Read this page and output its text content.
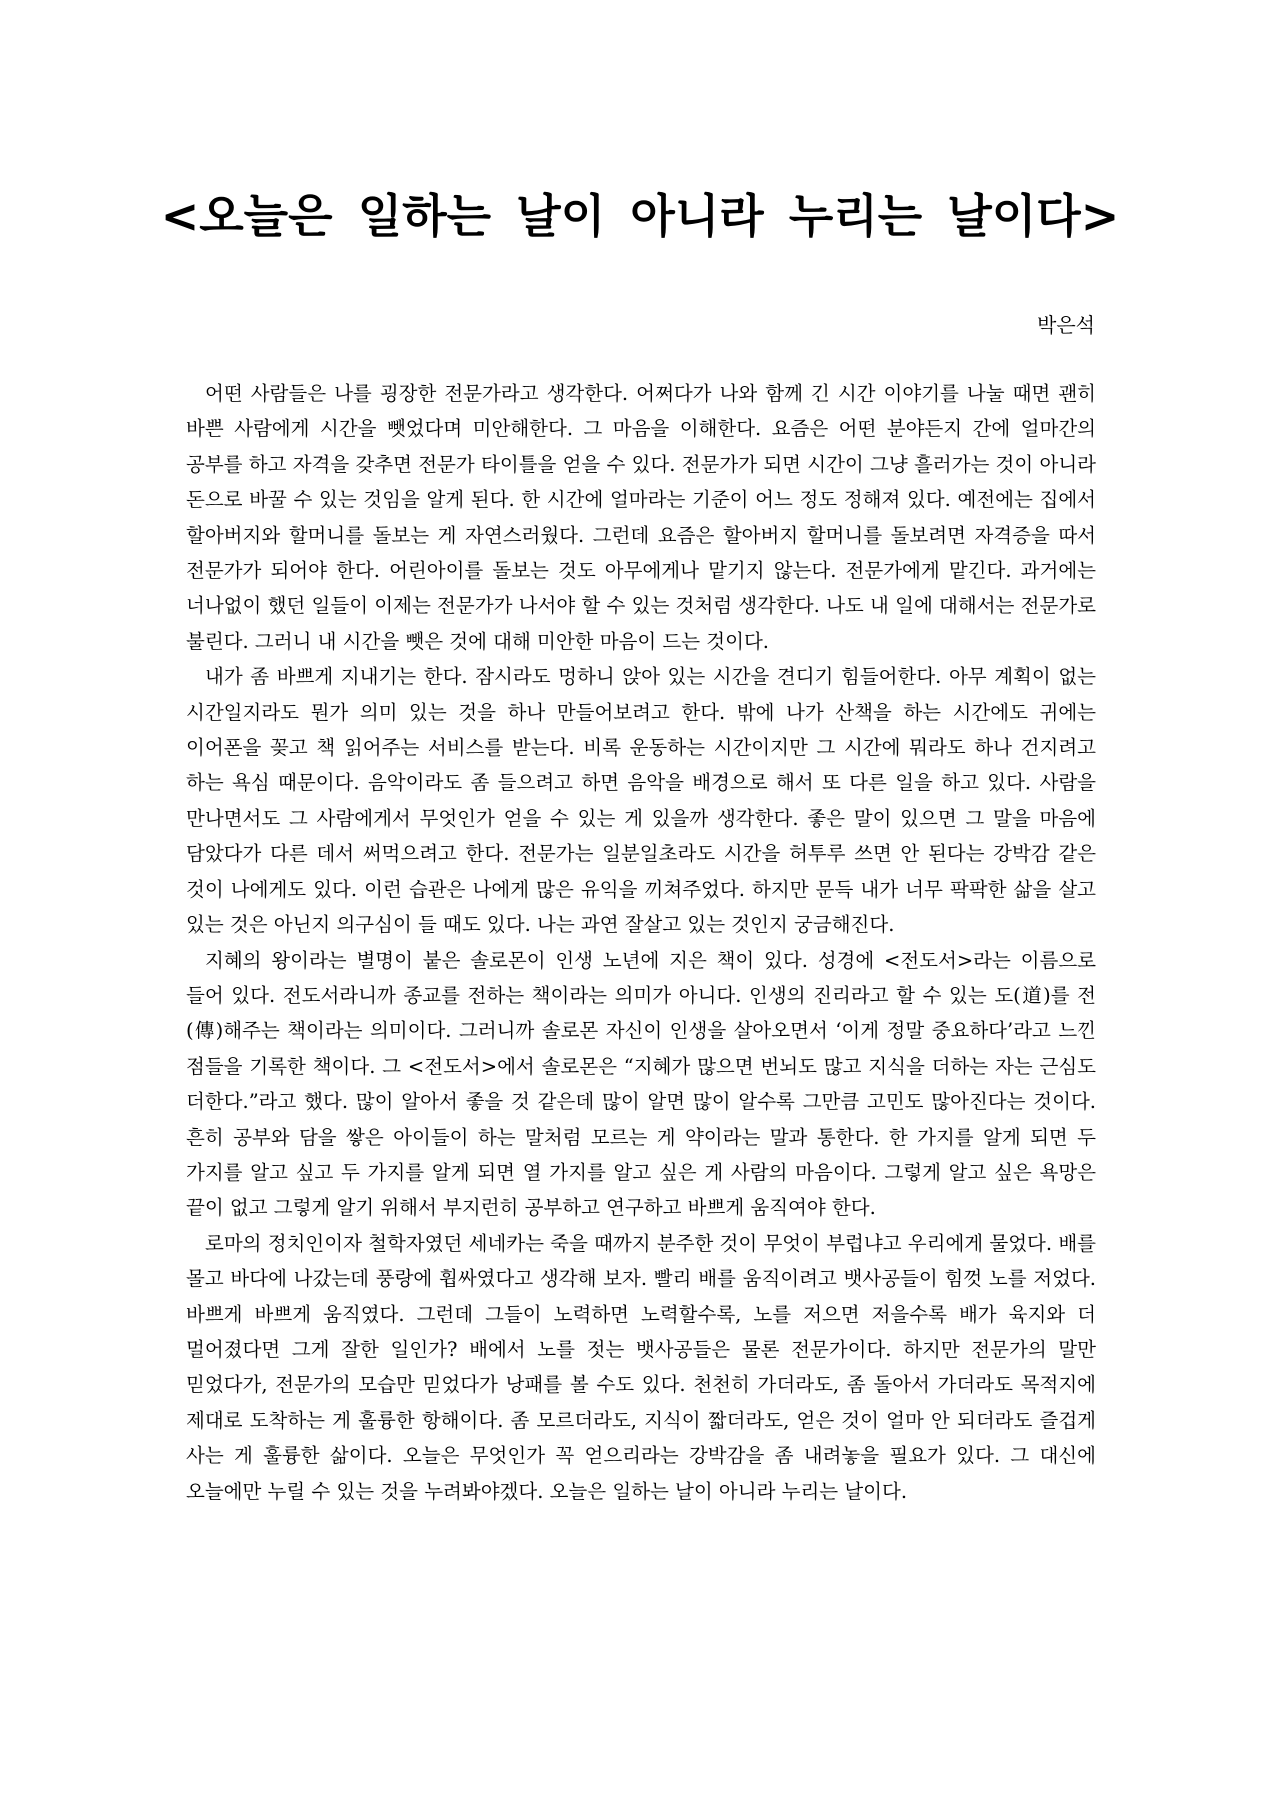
<오늘은 일하는 날이 아니라 누리는 날이다>
박은석

어떤 사람들은 나를 굉장한 전문가라고 생각한다. 어쩌다가 나와 함께 긴 시간 이야기를 나눌 때면 괜히 바쁜 사람에게 시간을 뺏었다며 미안해한다. 그 마음을 이해한다. 요즘은 어떤 분야든지 간에 얼마간의 공부를 하고 자격을 갖추면 전문가 타이틀을 얻을 수 있다. 전문가가 되면 시간이 그냥 흘러가는 것이 아니라 돈으로 바꿀 수 있는 것임을 알게 된다. 한 시간에 얼마라는 기준이 어느 정도 정해져 있다. 예전에는 집에서 할아버지와 할머니를 돌보는 게 자연스러웠다. 그런데 요즘은 할아버지 할머니를 돌보려면 자격증을 따서 전문가가 되어야 한다. 어린아이를 돌보는 것도 아무에게나 맡기지 않는다. 전문가에게 맡긴다. 과거에는 너나없이 했던 일들이 이제는 전문가가 나서야 할 수 있는 것처럼 생각한다. 나도 내 일에 대해서는 전문가로 불린다. 그러니 내 시간을 뺏은 것에 대해 미안한 마음이 드는 것이다.

내가 좀 바쁘게 지내기는 한다. 잠시라도 멍하니 앉아 있는 시간을 견디기 힘들어한다. 아무 계획이 없는 시간일지라도 뭔가 의미 있는 것을 하나 만들어보려고 한다. 밖에 나가 산책을 하는 시간에도 귀에는 이어폰을 꽂고 책 읽어주는 서비스를 받는다. 비록 운동하는 시간이지만 그 시간에 뭐라도 하나 건지려고 하는 욕심 때문이다. 음악이라도 좀 들으려고 하면 음악을 배경으로 해서 또 다른 일을 하고 있다. 사람을 만나면서도 그 사람에게서 무엇인가 얻을 수 있는 게 있을까 생각한다. 좋은 말이 있으면 그 말을 마음에 담았다가 다른 데서 써먹으려고 한다. 전문가는 일분일초라도 시간을 허투루 쓰면 안 된다는 강박감 같은 것이 나에게도 있다. 이런 습관은 나에게 많은 유익을 끼쳐주었다. 하지만 문득 내가 너무 팍팍한 삶을 살고 있는 것은 아닌지 의구심이 들 때도 있다. 나는 과연 잘살고 있는 것인지 궁금해진다.

지혜의 왕이라는 별명이 붙은 솔로몬이 인생 노년에 지은 책이 있다. 성경에 <전도서>라는 이름으로 들어 있다. 전도서라니까 종교를 전하는 책이라는 의미가 아니다. 인생의 진리라고 할 수 있는 도(道)를 전(傳)해주는 책이라는 의미이다. 그러니까 솔로몬 자신이 인생을 살아오면서 ‘이게 정말 중요하다’라고 느낀 점들을 기록한 책이다. 그 <전도서>에서 솔로몬은 “지혜가 많으면 번뇌도 많고 지식을 더하는 자는 근심도 더한다.”라고 했다. 많이 알아서 좋을 것 같은데 많이 알면 많이 알수록 그만큼 고민도 많아진다는 것이다. 흔히 공부와 담을 쌓은 아이들이 하는 말처럼 모르는 게 약이라는 말과 통한다. 한 가지를 알게 되면 두 가지를 알고 싶고 두 가지를 알게 되면 열 가지를 알고 싶은 게 사람의 마음이다. 그렇게 알고 싶은 욕망은 끝이 없고 그렇게 알기 위해서 부지런히 공부하고 연구하고 바쁘게 움직여야 한다.

로마의 정치인이자 철학자였던 세네카는 죽을 때까지 분주한 것이 무엇이 부럽냐고 우리에게 물었다. 배를 몰고 바다에 나갔는데 풍랑에 휩싸였다고 생각해 보자. 빨리 배를 움직이려고 뱃사공들이 힘껏 노를 저었다. 바쁘게 바쁘게 움직였다. 그런데 그들이 노력하면 노력할수록, 노를 저으면 저을수록 배가 육지와 더 멀어졌다면 그게 잘한 일인가? 배에서 노를 젓는 뱃사공들은 물론 전문가이다. 하지만 전문가의 말만 믿었다가, 전문가의 모습만 믿었다가 낭패를 볼 수도 있다. 천천히 가더라도, 좀 돌아서 가더라도 목적지에 제대로 도착하는 게 훌륭한 항해이다. 좀 모르더라도, 지식이 짧더라도, 얻은 것이 얼마 안 되더라도 즐겁게 사는 게 훌륭한 삶이다. 오늘은 무엇인가 꼭 얻으리라는 강박감을 좀 내려놓을 필요가 있다. 그 대신에 오늘에만 누릴 수 있는 것을 누려봐야겠다. 오늘은 일하는 날이 아니라 누리는 날이다.
